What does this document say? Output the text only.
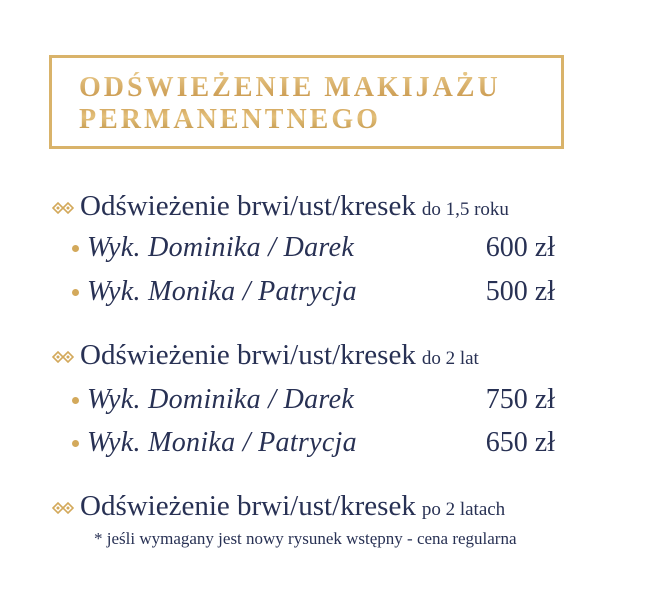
ODŚWIEŻENIE MAKIJAŻU
PERMANENTNEGO
Odświeżenie brwi/ust/kresek do 1,5 roku
Wyk. Dominika / Darek	600 zł
Wyk. Monika / Patrycja	500 zł
Odświeżenie brwi/ust/kresek do 2 lat
Wyk. Dominika / Darek	750 zł
Wyk. Monika / Patrycja	650 zł
Odświeżenie brwi/ust/kresek po 2 latach
* jeśli wymagany jest nowy rysunek wstępny - cena regularna
